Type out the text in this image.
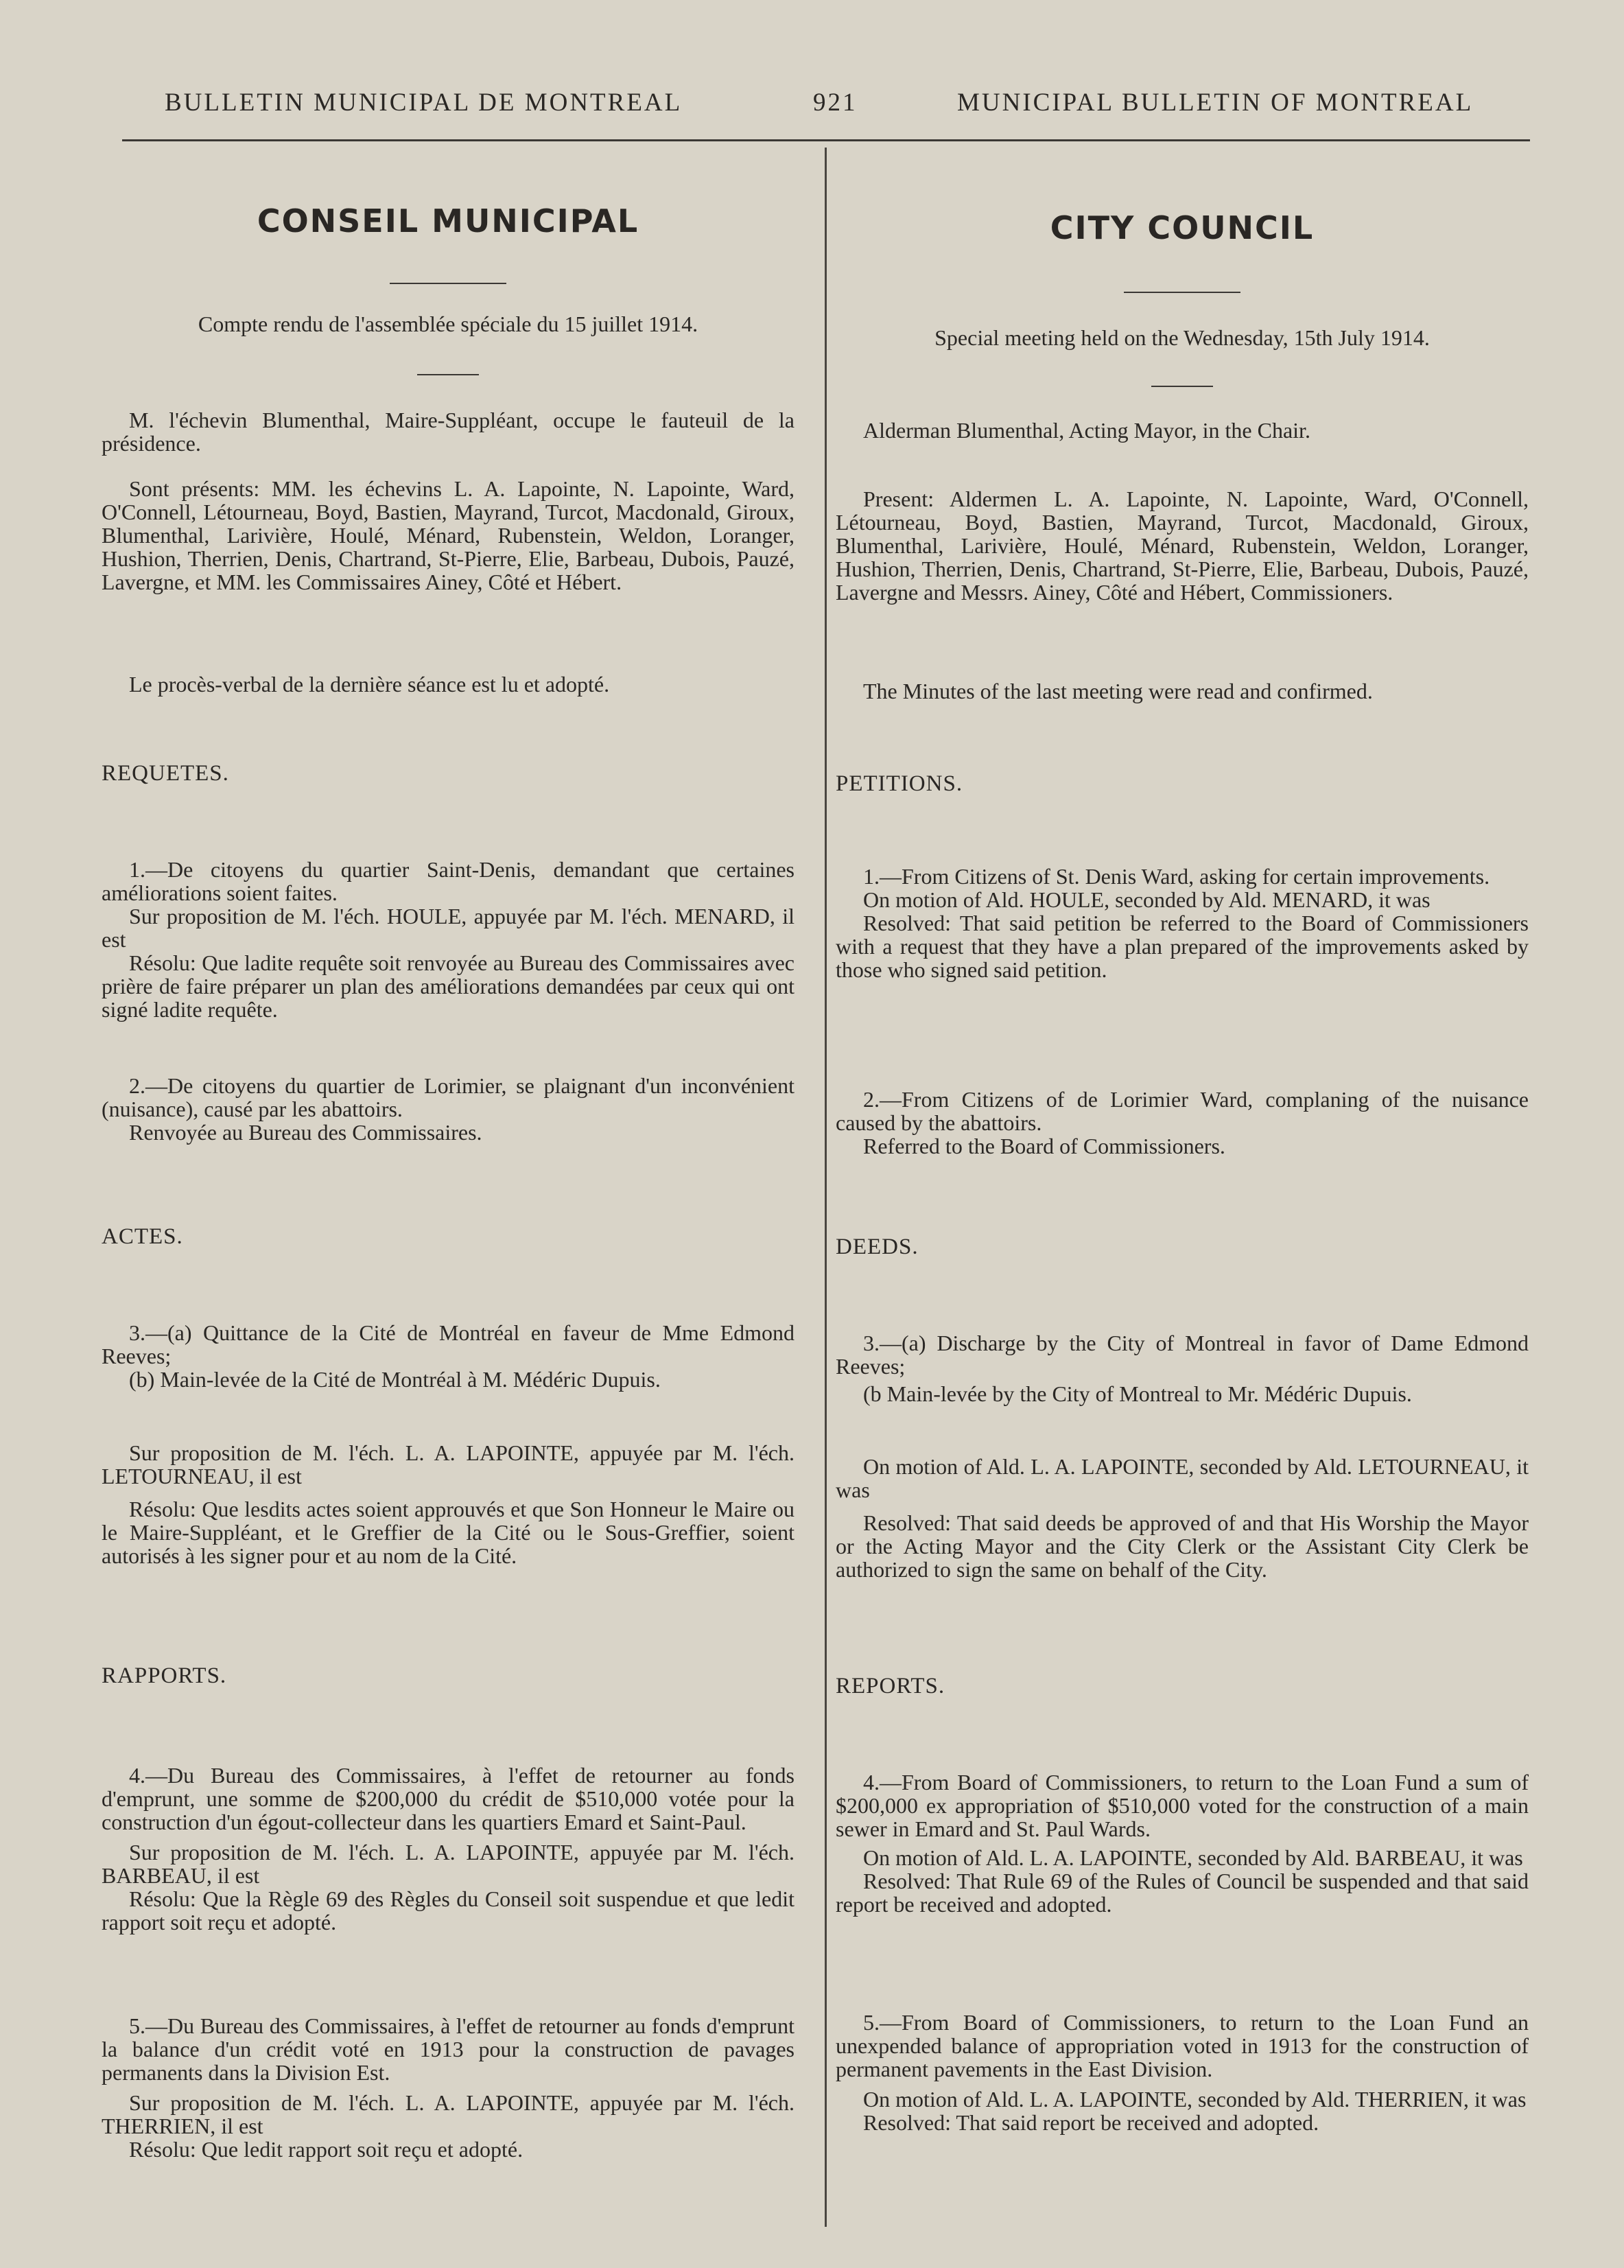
BULLETIN MUNICIPAL DE MONTREAL	921	MUNICIPAL BULLETIN OF MONTREAL
CONSEIL MUNICIPAL

Compte rendu de l'assemblée spéciale du 15 juillet 1914.

M. l'échevin Blumenthal, Maire-Suppléant, occupe le fauteuil de la présidence.

Sont présents: MM. les échevins L. A. Lapointe, N. Lapointe, Ward, O'Connell, Létourneau, Boyd, Bastien, Mayrand, Turcot, Macdonald, Giroux, Blumenthal, Larivière, Houlé, Ménard, Rubenstein, Weldon, Loranger, Hushion, Therrien, Denis, Chartrand, St-Pierre, Elie, Barbeau, Dubois, Pauzé, Lavergne, et MM. les Commissaires Ainey, Côté et Hébert.

Le procès-verbal de la dernière séance est lu et adopté.

REQUETES.

1.—De citoyens du quartier Saint-Denis, demandant que certaines améliorations soient faites.

Sur proposition de M. l'éch. HOULE, appuyée par M. l'éch. MENARD, il est

Résolu: Que ladite requête soit renvoyée au Bureau des Commissaires avec prière de faire préparer un plan des améliorations demandées par ceux qui ont signé ladite requête.

2.—De citoyens du quartier de Lorimier, se plaignant d'un inconvénient (nuisance), causé par les abattoirs.

Renvoyée au Bureau des Commissaires.

ACTES.

3.—(a) Quittance de la Cité de Montréal en faveur de Mme Edmond Reeves;

(b) Main-levée de la Cité de Montréal à M. Médéric Dupuis.

Sur proposition de M. l'éch. L. A. LAPOINTE, appuyée par M. l'éch. LETOURNEAU, il est

Résolu: Que lesdits actes soient approuvés et que Son Honneur le Maire ou le Maire-Suppléant, et le Greffier de la Cité ou le Sous-Greffier, soient autorisés à les signer pour et au nom de la Cité.

RAPPORTS.

4.—Du Bureau des Commissaires, à l'effet de retourner au fonds d'emprunt, une somme de $200,000 du crédit de $510,000 votée pour la construction d'un égout-collecteur dans les quartiers Emard et Saint-Paul.

Sur proposition de M. l'éch. L. A. LAPOINTE, appuyée par M. l'éch. BARBEAU, il est

Résolu: Que la Règle 69 des Règles du Conseil soit suspendue et que ledit rapport soit reçu et adopté.

5.—Du Bureau des Commissaires, à l'effet de retourner au fonds d'emprunt la balance d'un crédit voté en 1913 pour la construction de pavages permanents dans la Division Est.

Sur proposition de M. l'éch. L. A. LAPOINTE, appuyée par M. l'éch. THERRIEN, il est

Résolu: Que ledit rapport soit reçu et adopté.

CITY COUNCIL

Special meeting held on the Wednesday, 15th July 1914.

Alderman Blumenthal, Acting Mayor, in the Chair.

Present: Aldermen L. A. Lapointe, N. Lapointe, Ward, O'Connell, Létourneau, Boyd, Bastien, Mayrand, Turcot, Macdonald, Giroux, Blumenthal, Larivière, Houlé, Ménard, Rubenstein, Weldon, Loranger, Hushion, Therrien, Denis, Chartrand, St-Pierre, Elie, Barbeau, Dubois, Pauzé, Lavergne and Messrs. Ainey, Côté and Hébert, Commissioners.

The Minutes of the last meeting were read and confirmed.

PETITIONS.

1.—From Citizens of St. Denis Ward, asking for certain improvements.

On motion of Ald. HOULE, seconded by Ald. MENARD, it was

Resolved: That said petition be referred to the Board of Commissioners with a request that they have a plan prepared of the improvements asked by those who signed said petition.

2.—From Citizens of de Lorimier Ward, complaning of the nuisance caused by the abattoirs.

Referred to the Board of Commissioners.

DEEDS.

3.—(a) Discharge by the City of Montreal in favor of Dame Edmond Reeves;

(b Main-levée by the City of Montreal to Mr. Médéric Dupuis.

On motion of Ald. L. A. LAPOINTE, seconded by Ald. LETOURNEAU, it was

Resolved: That said deeds be approved of and that His Worship the Mayor or the Acting Mayor and the City Clerk or the Assistant City Clerk be authorized to sign the same on behalf of the City.

REPORTS.

4.—From Board of Commissioners, to return to the Loan Fund a sum of $200,000 ex appropriation of $510,000 voted for the construction of a main sewer in Emard and St. Paul Wards.

On motion of Ald. L. A. LAPOINTE, seconded by Ald. BARBEAU, it was

Resolved: That Rule 69 of the Rules of Council be suspended and that said report be received and adopted.

5.—From Board of Commissioners, to return to the Loan Fund an unexpended balance of appropriation voted in 1913 for the construction of permanent pavements in the East Division.

On motion of Ald. L. A. LAPOINTE, seconded by Ald. THERRIEN, it was

Resolved: That said report be received and adopted.
